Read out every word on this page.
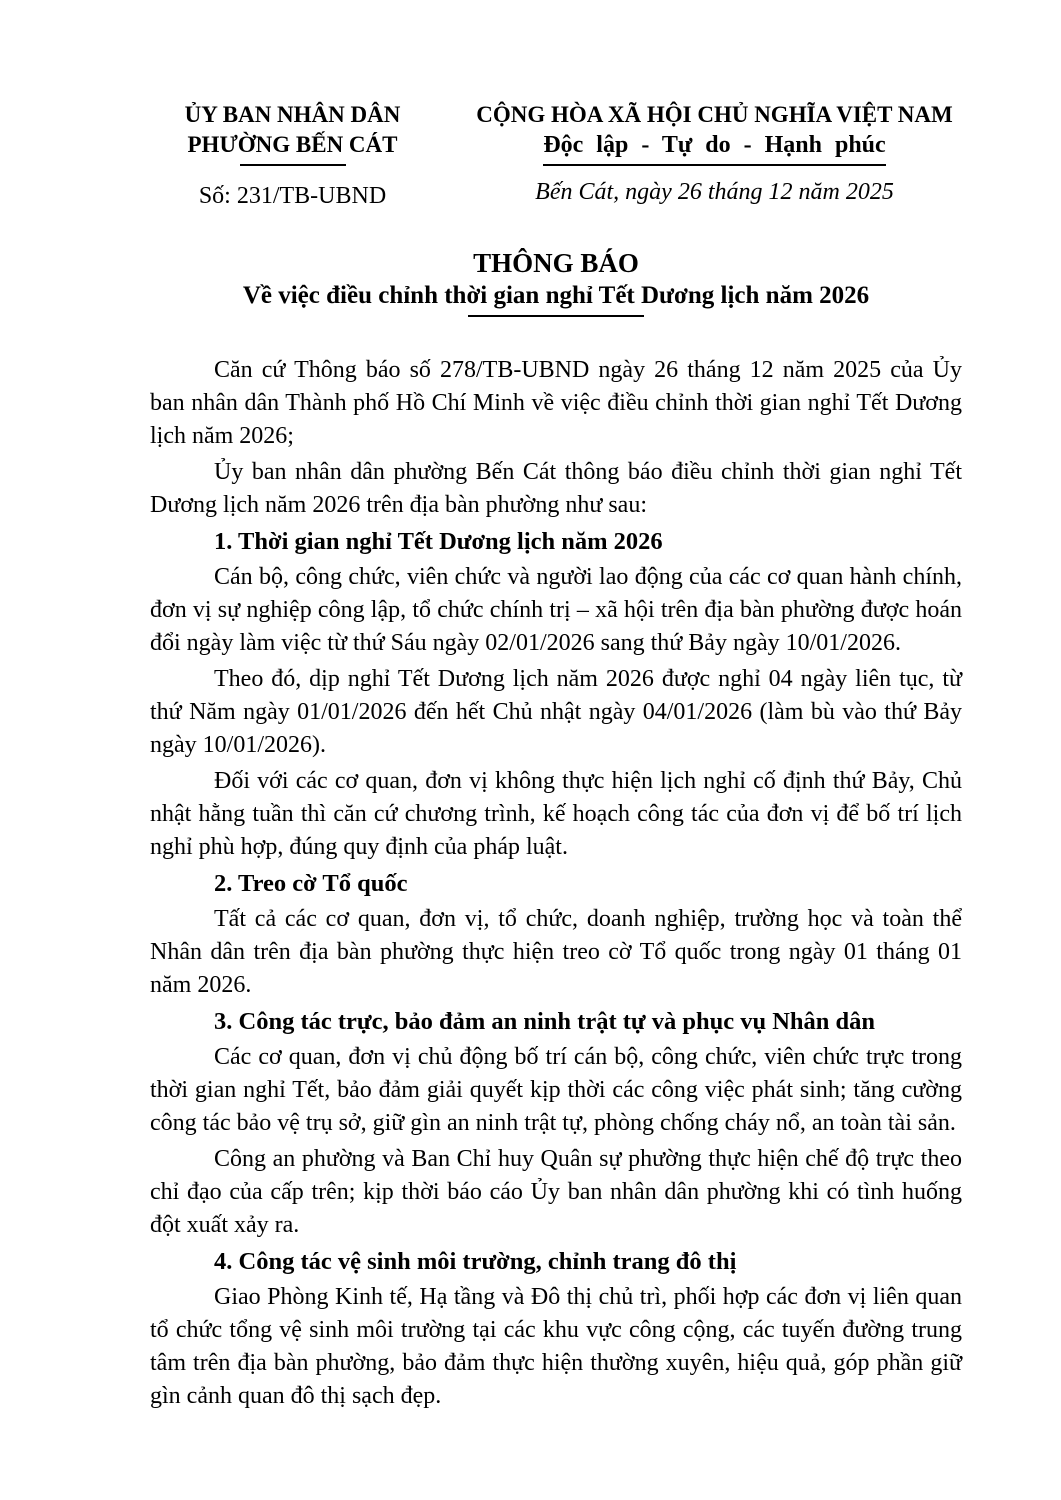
ỦY BAN NHÂN DÂN
PHƯỜNG BẾN CÁT
Số: 231/TB-UBND
CỘNG HÒA XÃ HỘI CHỦ NGHĨA VIỆT NAM
Độc lập - Tự do - Hạnh phúc
Bến Cát, ngày 26 tháng 12 năm 2025
THÔNG BÁO
Về việc điều chỉnh thời gian nghỉ Tết Dương lịch năm 2026

Căn cứ Thông báo số 278/TB-UBND ngày 26 tháng 12 năm 2025 của Ủy ban nhân dân Thành phố Hồ Chí Minh về việc điều chỉnh thời gian nghỉ Tết Dương lịch năm 2026;

Ủy ban nhân dân phường Bến Cát thông báo điều chỉnh thời gian nghỉ Tết Dương lịch năm 2026 trên địa bàn phường như sau:

1. Thời gian nghỉ Tết Dương lịch năm 2026

Cán bộ, công chức, viên chức và người lao động của các cơ quan hành chính, đơn vị sự nghiệp công lập, tổ chức chính trị – xã hội trên địa bàn phường được hoán đổi ngày làm việc từ thứ Sáu ngày 02/01/2026 sang thứ Bảy ngày 10/01/2026.

Theo đó, dịp nghỉ Tết Dương lịch năm 2026 được nghỉ 04 ngày liên tục, từ thứ Năm ngày 01/01/2026 đến hết Chủ nhật ngày 04/01/2026 (làm bù vào thứ Bảy ngày 10/01/2026).

Đối với các cơ quan, đơn vị không thực hiện lịch nghỉ cố định thứ Bảy, Chủ nhật hằng tuần thì căn cứ chương trình, kế hoạch công tác của đơn vị để bố trí lịch nghỉ phù hợp, đúng quy định của pháp luật.

2. Treo cờ Tổ quốc

Tất cả các cơ quan, đơn vị, tổ chức, doanh nghiệp, trường học và toàn thể Nhân dân trên địa bàn phường thực hiện treo cờ Tổ quốc trong ngày 01 tháng 01 năm 2026.

3. Công tác trực, bảo đảm an ninh trật tự và phục vụ Nhân dân

Các cơ quan, đơn vị chủ động bố trí cán bộ, công chức, viên chức trực trong thời gian nghỉ Tết, bảo đảm giải quyết kịp thời các công việc phát sinh; tăng cường công tác bảo vệ trụ sở, giữ gìn an ninh trật tự, phòng chống cháy nổ, an toàn tài sản.

Công an phường và Ban Chỉ huy Quân sự phường thực hiện chế độ trực theo chỉ đạo của cấp trên; kịp thời báo cáo Ủy ban nhân dân phường khi có tình huống đột xuất xảy ra.

4. Công tác vệ sinh môi trường, chỉnh trang đô thị

Giao Phòng Kinh tế, Hạ tầng và Đô thị chủ trì, phối hợp các đơn vị liên quan tổ chức tổng vệ sinh môi trường tại các khu vực công cộng, các tuyến đường trung tâm trên địa bàn phường, bảo đảm thực hiện thường xuyên, hiệu quả, góp phần giữ gìn cảnh quan đô thị sạch đẹp.
